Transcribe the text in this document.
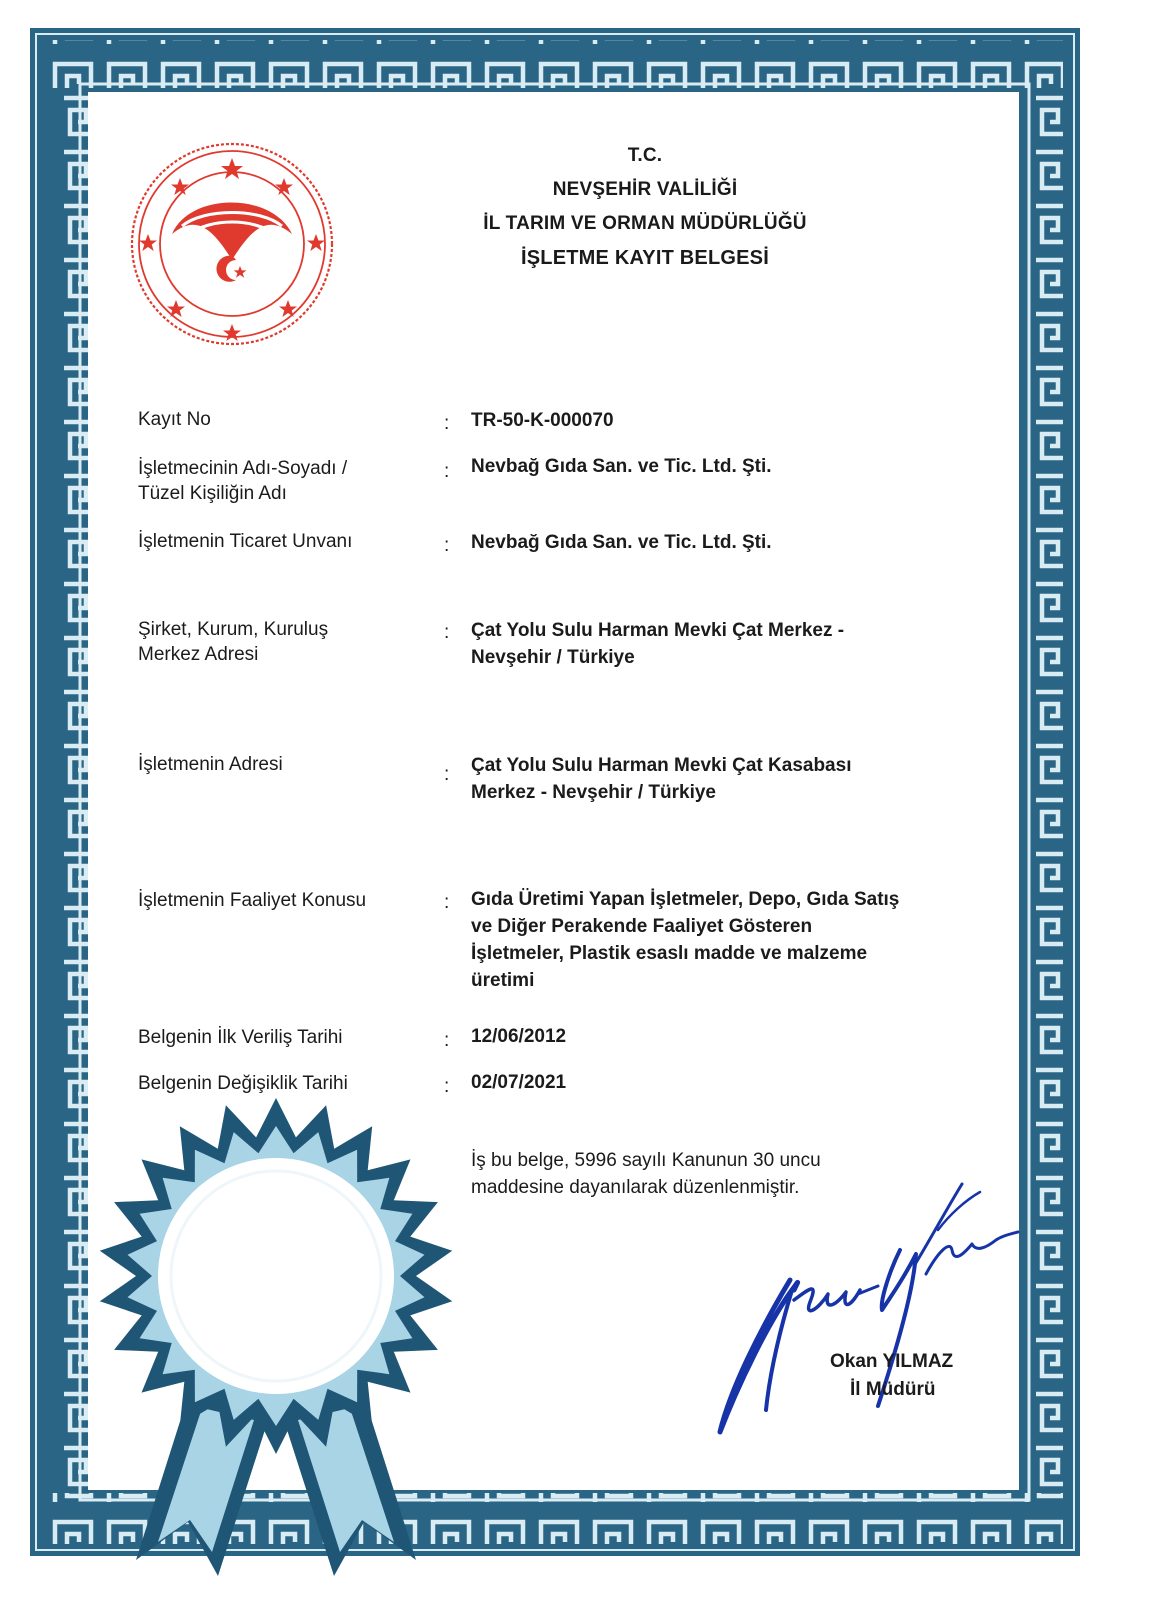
T.C.
NEVŞEHİR VALİLİĞİ
İL TARIM VE ORMAN MÜDÜRLÜĞÜ
İŞLETME KAYIT BELGESİ
Kayıt No	: TR-50-K-000070
İşletmecinin Adı-Soyadı /
Tüzel Kişiliğin Adı
: Nevbağ Gıda San. ve Tic. Ltd. Şti.
İşletmenin Ticaret Unvanı	: Nevbağ Gıda San. ve Tic. Ltd. Şti.
Şirket, Kurum, Kuruluş
Merkez Adresi
: Çat Yolu Sulu Harman Mevki Çat Merkez -
Nevşehir / Türkiye
İşletmenin Adresi	: Çat Yolu Sulu Harman Mevki Çat Kasabası
Merkez - Nevşehir / Türkiye
İşletmenin Faaliyet Konusu	: Gıda Üretimi Yapan İşletmeler, Depo, Gıda Satış
ve Diğer Perakende Faaliyet Gösteren
İşletmeler, Plastik esaslı madde ve malzeme
üretimi
Belgenin İlk Veriliş Tarihi	: 12/06/2012
Belgenin Değişiklik Tarihi	: 02/07/2021
İş bu belge, 5996 sayılı Kanunun 30 uncu
maddesine dayanılarak düzenlenmiştir.
Okan YILMAZ
İl Müdürü
